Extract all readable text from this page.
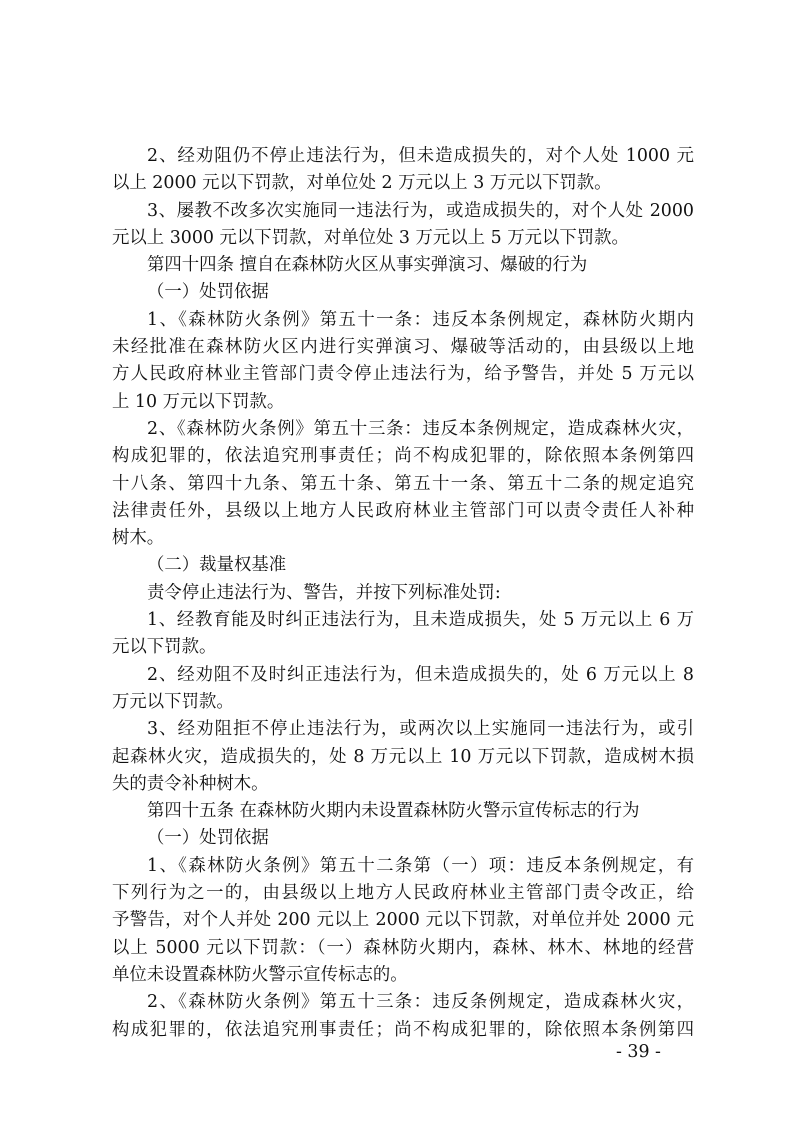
2、经劝阻仍不停止违法行为，但未造成损失的，对个人处 1000 元
以上 2000 元以下罚款，对单位处 2 万元以上 3 万元以下罚款。
3、屡教不改多次实施同一违法行为，或造成损失的，对个人处 2000
元以上 3000 元以下罚款，对单位处 3 万元以上 5 万元以下罚款。
第四十四条 擅自在森林防火区从事实弹演习、爆破的行为
（一）处罚依据
1、《森林防火条例》第五十一条：违反本条例规定，森林防火期内
未经批准在森林防火区内进行实弹演习、爆破等活动的，由县级以上地
方人民政府林业主管部门责令停止违法行为，给予警告，并处 5 万元以
上 10 万元以下罚款。
2、《森林防火条例》第五十三条：违反本条例规定，造成森林火灾，
构成犯罪的，依法追究刑事责任；尚不构成犯罪的，除依照本条例第四
十八条、第四十九条、第五十条、第五十一条、第五十二条的规定追究
法律责任外，县级以上地方人民政府林业主管部门可以责令责任人补种
树木。
（二）裁量权基准
责令停止违法行为、警告，并按下列标准处罚:
1、经教育能及时纠正违法行为，且未造成损失，处 5 万元以上 6 万
元以下罚款。
2、经劝阻不及时纠正违法行为，但未造成损失的，处 6 万元以上 8
万元以下罚款。
3、经劝阻拒不停止违法行为，或两次以上实施同一违法行为，或引
起森林火灾，造成损失的，处 8 万元以上 10 万元以下罚款，造成树木损
失的责令补种树木。
第四十五条 在森林防火期内未设置森林防火警示宣传标志的行为
（一）处罚依据
1、《森林防火条例》第五十二条第（一）项：违反本条例规定，有
下列行为之一的，由县级以上地方人民政府林业主管部门责令改正，给
予警告，对个人并处 200 元以上 2000 元以下罚款，对单位并处 2000 元
以上 5000 元以下罚款：（一）森林防火期内，森林、林木、林地的经营
单位未设置森林防火警示宣传标志的。
2、《森林防火条例》第五十三条：违反条例规定，造成森林火灾，
构成犯罪的，依法追究刑事责任；尚不构成犯罪的，除依照本条例第四
- 39 -
